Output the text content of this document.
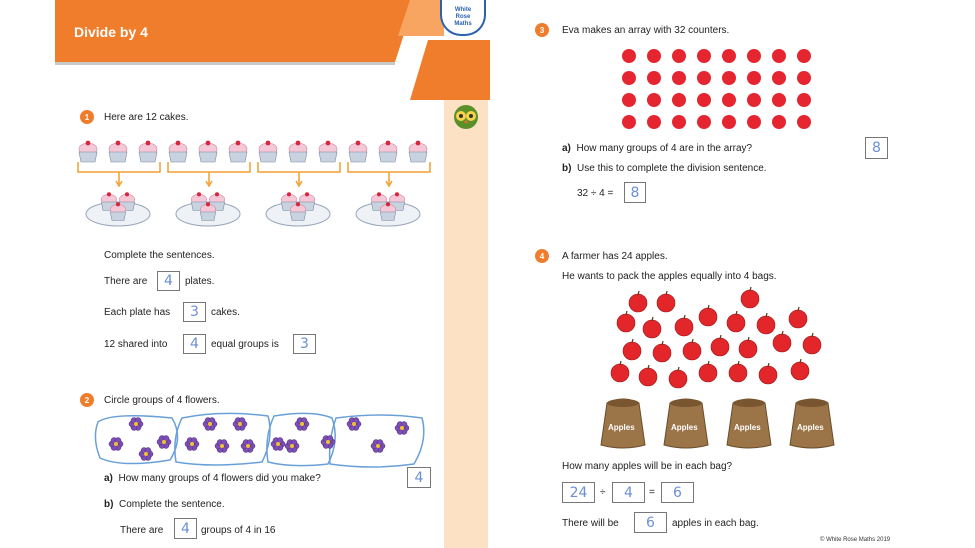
Divide by 4
White
Rose
Maths
1	Here are 12 cakes.
Complete the sentences.
There are 4 plates.
Each plate has 3 cakes.
12 shared into 4 equal groups is 3
2	Circle groups of 4 flowers.
a) How many groups of 4 flowers did you make?	4
b) Complete the sentence.
There are 4 groups of 4 in 16
3	Eva makes an array with 32 counters.
a) How many groups of 4 are in the array?	8
b) Use this to complete the division sentence.
32 ÷ 4 = 8
4	A farmer has 24 apples.
He wants to pack the apples equally into 4 bags.
Apples	Apples	Apples	Apples
How many apples will be in each bag?
24 ÷ 4 = 6
There will be 6 apples in each bag.
© White Rose Maths 2019
